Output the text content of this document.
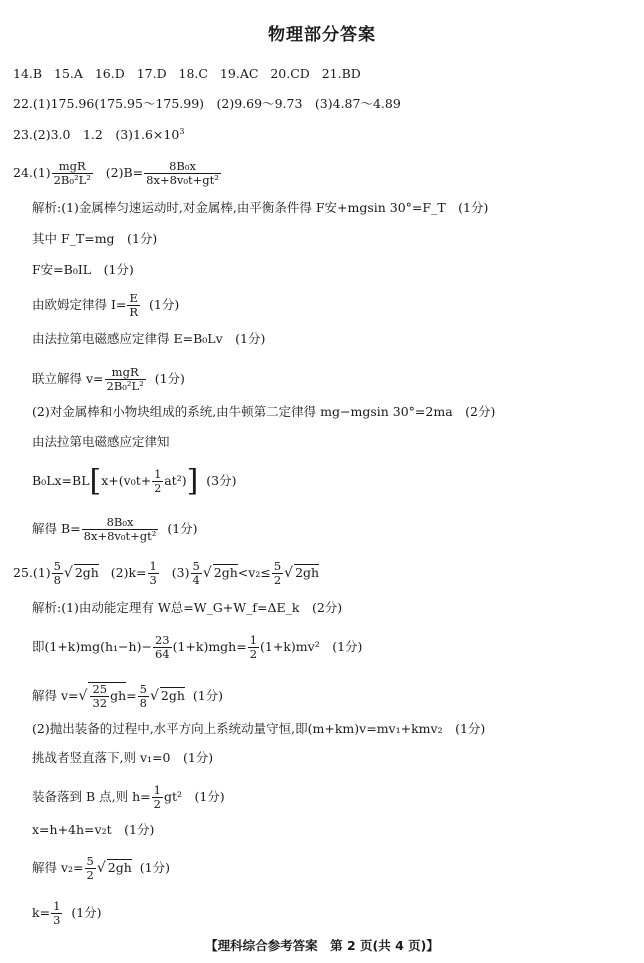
物理部分答案
14.B 15.A 16.D 17.D 18.C 19.AC 20.CD 21.BD
22.(1)175.96(175.95～175.99)　(2)9.69～9.73　(3)4.87～4.89
23.(2)3.0　1.2　$(3)1.6\times 10^3$
$24.(1) \frac{\text{mgR}}{\text{2B₀²L²}} (2)B= \frac{\text{8B₀x}}{\text{8x+8v₀t+gt²}}$
解析:(1)金属棒匀速运动时,对金属棒,由平衡条件得 F安+mgsin 30°=F_T　(1分)
其中 F_T=mg　(1分)
F安=B₀IL　(1分)
由欧姆定律得 $I= \frac{E}{R} (1$分)
由法拉第电磁感应定律得 E=B₀Lv　(1分)
联立解得 $v= \frac{\text{mgR}}{\text{2B₀²L²}} (1$分)
(2)对金属棒和小物块组成的系统,由牛顿第二定律得 mg−mgsin 30°=2ma　(2分)
由法拉第电磁感应定律知
$B_0Lx=BL[x+(v_0t+ \frac{1}{2} at^2)]$ (3分)
解得 $B= \frac{\text{8B₀x}}{\text{8x+8v₀t+gt²}} (1$分)
$25.(1) \frac{5}{8}$ √ 2gh $(2)k= \frac{1}{3} (3) \frac{5}{4}$ √ $2gh<v_2\le \frac{5}{2}$ √ 2gh
解析:(1)由动能定理有 W总=W_G+W_f=ΔE_k　(2分)
即$(1+k)mg(h_1-h)- \frac{23}{64} (1+k)mgh= \frac{1}{2} (1+k)mv^2$　(1分)
解得 $v=√ \frac{25}{32} gh= \frac{5}{8}$ √ 2gh (1分)
(2)抛出装备的过程中,水平方向上系统动量守恒,即(m+km)v=mv₁+kmv₂　(1分)
挑战者竖直落下,则 v₁=0　(1分)
装备落到 B 点,则 $h= \frac{1}{2} gt^2$　(1分)
x=h+4h=v₂t　(1分)
解得 $v_2= \frac{5}{2}$ √ 2gh (1分)
$k= \frac{1}{3} (1$分)
【理科综合参考答案　第 2 页(共 4 页)】
